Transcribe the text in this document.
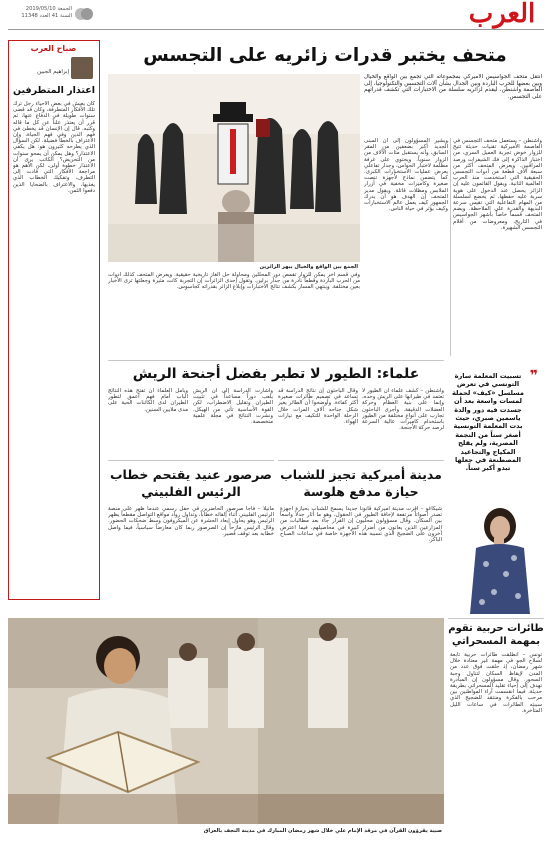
الجمعة 2019/05/10
السنة 41 العدد 11348	العرب
صباح العرب
إبراهيم الجبين
اعتذار المتطرفين
كان يعيش في بعض الأحياء رجل ترك تلك الأفكار المتطرفة، وكان قد قضى سنوات طويلة في الدفاع عنها، ثم قرر أن يعتذر علناً عن كل ما قاله وكتبه. قال إن الإنسان قد يخطئ في فهم الدين وفي فهم الحياة، وإن الاعتراف بالخطأ فضيلة. لكن السؤال الذي يطرحه كثيرون هو: هل يكفي الاعتذار؟ وهل يمكن أن يمحو سنوات من التحريض؟ الكاتب يرى أن الاعتذار خطوة أولى، لكن الأهم هو مراجعة الأفكار التي قادت إلى التطرف، وتفكيك الخطاب الذي يغذيها، والاعتراف بالضحايا الذين دفعوا الثمن.
متحف يختبر قدرات زائريه على التجسس
انتقل متحف الجواسيس الأميركي بمجموعاته التي تجمع بين الواقع والخيال وبين بعضها للحرب الباردة وبين الجدال بشأن آلات التجسس والتكنولوجيا، إلى العاصمة واشنطن، ليقدم لزائريه سلسلة من الاختبارات التي تكشف قدراتهم على التجسس.
الجمع بين الواقع والخيال يبهر الزائرين
واشنطن – يستعمل متحف التجسس في العاصمة الأميركية تقنيات حديثة تتيح للزوار خوض تجربة العميل السري، من اختبار الذاكرة إلى فك الشيفرات ورصد المراقبين. ويعرض المتحف أكثر من سبعة آلاف قطعة من أدوات التجسس الحقيقية التي استخدمت منذ الحرب العالمية الثانية. ويقول القائمون عليه إن الزائر يحصل عند الدخول على هوية سرية عليه حفظها، ثم يخضع لسلسلة من المهام التفاعلية التي تقيس سرعة البديهة والقدرة على الملاحظة. ويضم المتحف قسماً خاصاً بأشهر الجواسيس في التاريخ، ومعروضات من أفلام التجسس الشهيرة.
ويشير المسؤولون إلى أن المبنى الجديد أكبر بضعفين من المقر السابق، وأنه يستقبل مئات الآلاف من الزوار سنوياً. ويحتوي على غرفة مظلمة لاختبار الحواس، وجدار تفاعلي يعرض عمليات الاستخبارات الكبرى. كما يتضمن نماذج لأجهزة تنصت صغيرة وكاميرات مخفية في أزرار الملابس ومظلات قاتلة. ويقول مدير المتحف إن الهدف هو أن يدرك الجمهور كيف يعمل عالم الاستخبارات وكيف يؤثر في حياة الناس.
وفي قسم آخر يمكن للزوار تقمص دور المحللين ومحاولة حل ألغاز تاريخية حقيقية. ويعرض المتحف كذلك أدوات من الحرب الباردة وقطعاً نادرة من جدار برلين. وتقول إحدى الزائرات إن التجربة كانت مثيرة وجعلتها ترى الأخبار بعين مختلفة. وينتهي المسار بكشف نتائج الاختبارات وإبلاغ الزائر بقدراته كجاسوس.
❞
تسبيت المعلمة سارة التونسي في تعرض مسلسل «كيف» لحملة لمسات واسعة بعد أن جسدت فيه دور والدة ياسمين صبري، حيث بدت المعلمة التونسية أصغر سناً من النجمة المصرية، ولم يفلح المكياج والتجاعيد المصطنعة في جعلها تبدو أكبر سناً.
علماء: الطيور لا تطير بفضل أجنحة الريش
واشنطن – كشف علماء أن الطيور لا تعتمد في طيرانها على الريش وحده، وإنما على بنية العظام وحركة العضلات الدقيقة. وأجرى الباحثون تجارب على أنواع مختلفة من الطيور باستخدام كاميرات عالية السرعة لرصد حركة الأجنحة.
وقال الباحثون إن نتائج الدراسة قد تساعد في تصميم طائرات صغيرة أكثر كفاءة. وأوضحوا أن الطائر يغير شكل جناحه آلاف المرات خلال الرحلة الواحدة للتكيف مع تيارات الهواء.
وأشارت الدراسة إلى أن الريش يلعب دوراً مساعداً في تثبيت الطيران وتقليل الاضطراب، لكن القوة الأساسية تأتي من الهيكل. ونشرت النتائج في مجلة علمية متخصصة.
ويأمل العلماء أن تفتح هذه النتائج الباب أمام فهم أعمق لتطور الطيران لدى الكائنات الحية على مدى ملايين السنين.
مدينة أميركية تجيز للشباب حيازة مدفع هلوسة
شيكاغو – أقرت مدينة أميركية قانوناً جديداً يسمح للشباب بحيازة أجهزة تصدر أصواتاً مرتفعة لإخافة الطيور في الحقول، وهو ما أثار جدلاً واسعاً بين السكان. وقال مسؤولون محليون إن القرار جاء بعد مطالبات من المزارعين الذين يعانون من أضرار كبيرة في محاصيلهم، فيما اعترض آخرون على الضجيج الذي تسببه هذه الأجهزة خاصة في ساعات الصباح الباكر.
صرصور عنيد يقتحم خطاب الرئيس الفلبيني
مانيلا – فاجأ صرصور الحاضرين في حفل رسمي عندما ظهر على منصة الرئيس الفلبيني أثناء إلقائه خطاباً، وتداول رواد مواقع التواصل مقطعاً يظهر الرئيس وهو يحاول إبعاد الحشرة عن الميكروفون وسط ضحكات الحضور. وقال الرئيس مازحاً إن الصرصور ربما كان معارضاً سياسياً، فيما واصل خطابه بعد توقف قصير.
صبية يقرؤون القرآن في مرقد الإمام علي خلال شهر رمضان المبارك في مدينة النجف بالعراق
طائرات حربية تقوم بمهمة المسحراتي
تونس – انطلقت طائرات حربية تابعة لسلاح الجو في مهمة غير معتادة خلال شهر رمضان، إذ حلقت فوق عدد من المدن لإيقاظ السكان لتناول وجبة السحور. وقال مسؤولون إن المبادرة تهدف إلى إحياء تقليد المسحراتي بطريقة حديثة، فيما انقسمت آراء المواطنين بين مرحب بالفكرة ومنتقد للضجيج الذي سببته الطائرات في ساعات الليل المتأخرة.
